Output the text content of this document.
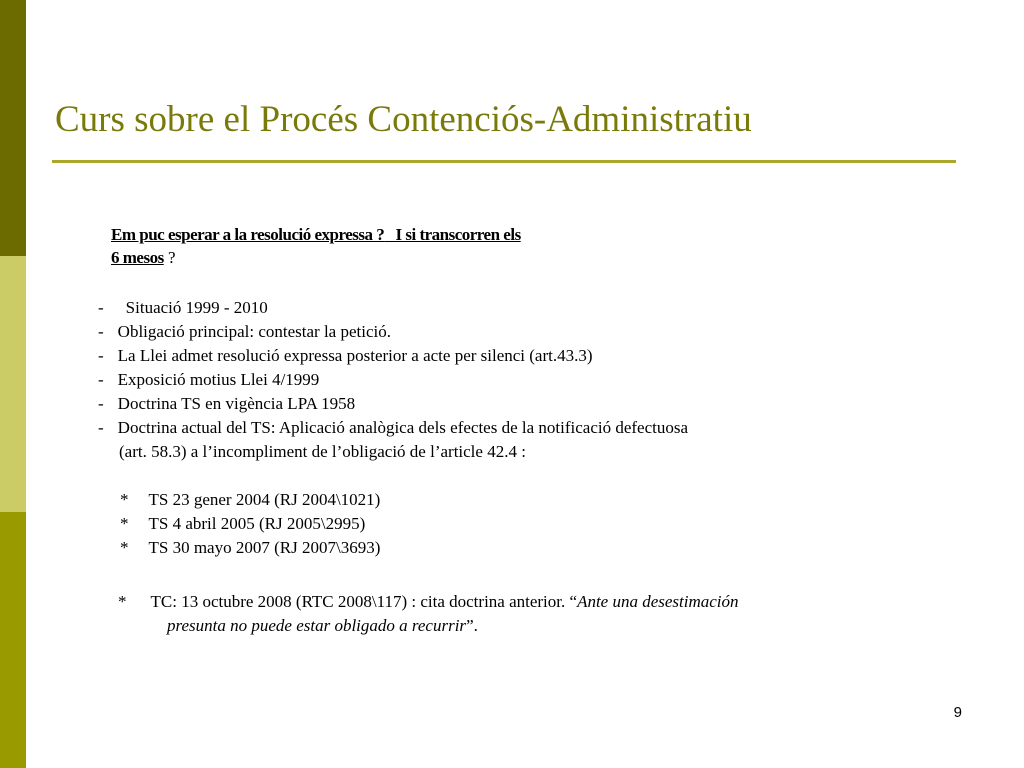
Curs sobre el Procés Contenciós-Administratiu
Em puc esperar a la resolució expressa ? I si transcorren els
6 mesos ?
- Situació 1999 - 2010
- Obligació principal: contestar la petició.
- La Llei admet resolució expressa posterior a acte per silenci (art.43.3)
- Exposició motius Llei 4/1999
- Doctrina TS en vigència LPA 1958
- Doctrina actual del TS: Aplicació analògica dels efectes de la notificació defectuosa
(art. 58.3) a l’incompliment de l’obligació de l’article 42.4 :
* TS 23 gener 2004 (RJ 2004\1021)
* TS 4 abril 2005 (RJ 2005\2995)
* TS 30 mayo 2007 (RJ 2007\3693)
* TC: 13 octubre 2008 (RTC 2008\117) : cita doctrina anterior. “Ante una desestimación
presunta no puede estar obligado a recurrir”.
9
